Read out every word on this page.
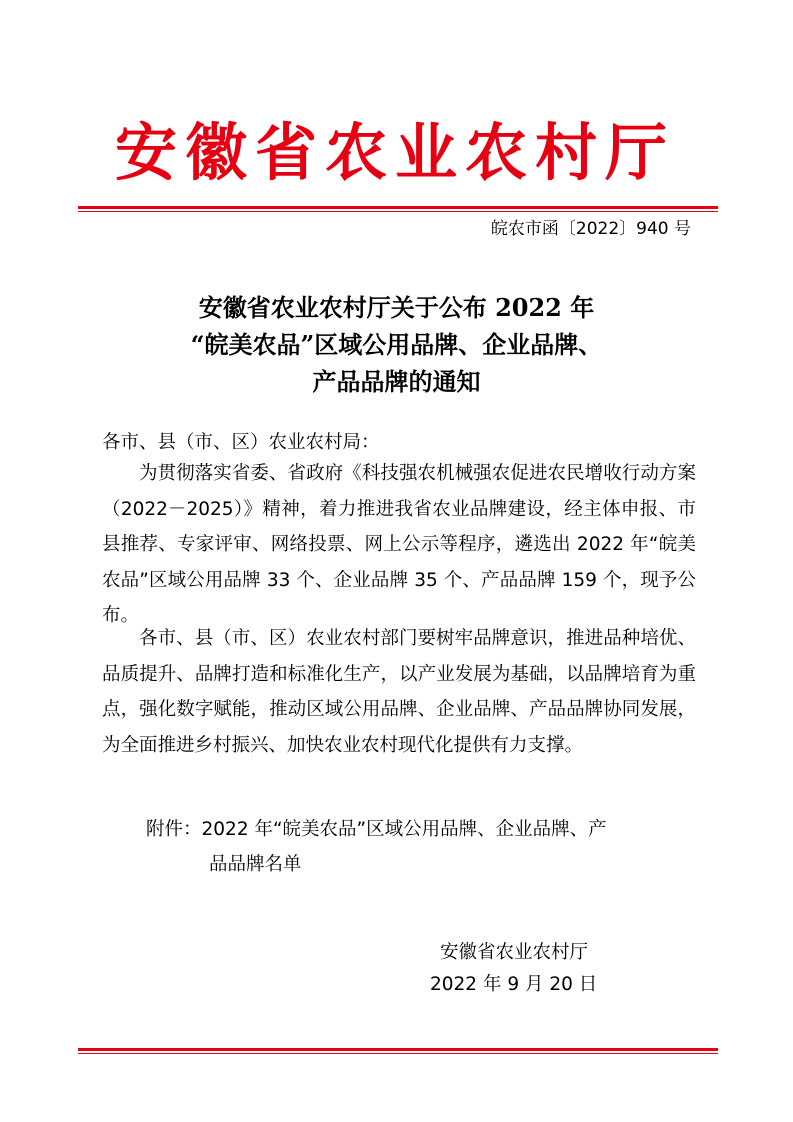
安徽省农业农村厅
皖农市函〔2022〕940 号
安徽省农业农村厅关于公布 2022 年
“皖美农品”区域公用品牌、企业品牌、
产品品牌的通知
各市、县（市、区）农业农村局：

为贯彻落实省委、省政府《科技强农机械强农促进农民增收行动方案（2022－2025）》精神，着力推进我省农业品牌建设，经主体申报、市县推荐、专家评审、网络投票、网上公示等程序，遴选出 2022 年“皖美农品”区域公用品牌 33 个、企业品牌 35 个、产品品牌 159 个，现予公布。

各市、县（市、区）农业农村部门要树牢品牌意识，推进品种培优、品质提升、品牌打造和标准化生产，以产业发展为基础，以品牌培育为重点，强化数字赋能，推动区域公用品牌、企业品牌、产品品牌协同发展，为全面推进乡村振兴、加快农业农村现代化提供有力支撑。

附件：2022 年“皖美农品”区域公用品牌、企业品牌、产
品品牌名单
安徽省农业农村厅
2022 年 9 月 20 日
